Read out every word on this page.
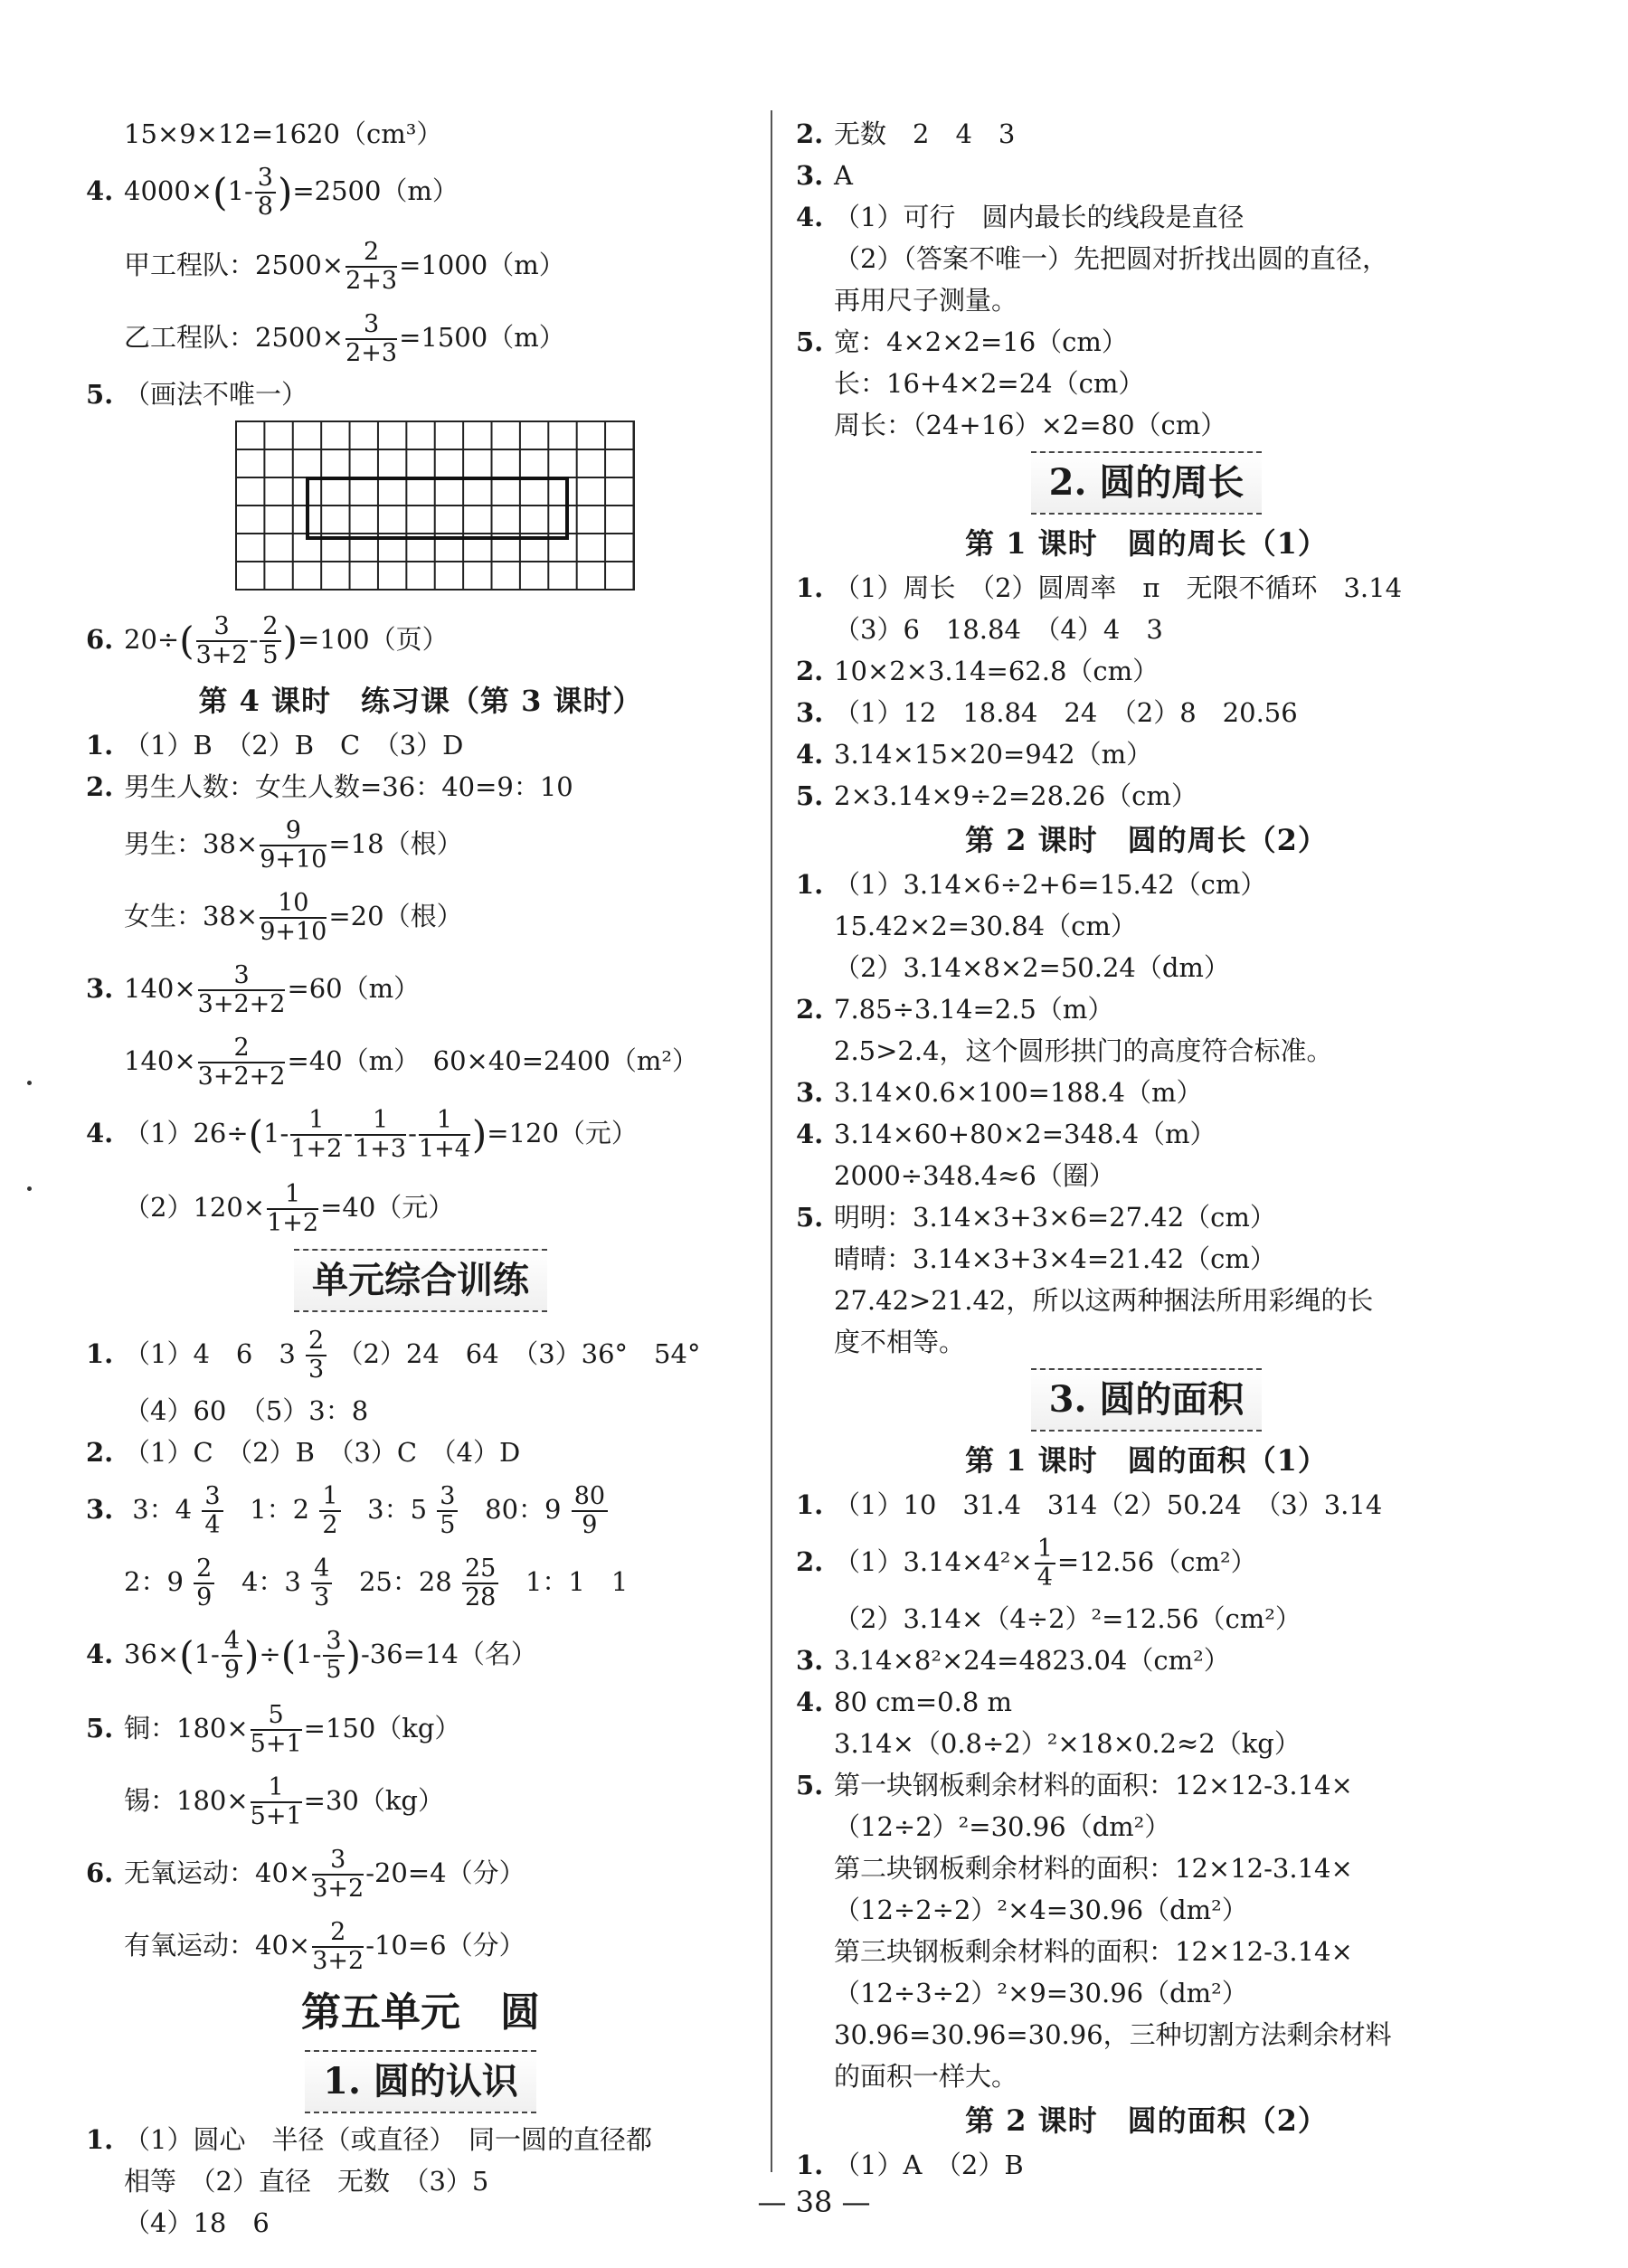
15×9×12=1620（cm³）
4. $4000\times(1- \frac{3}{8} )=2500(m)$
甲工程队：$2500\times \frac{2}{2+3} =1000(m)$
乙工程队：$2500\times \frac{3}{2+3} =1500(m)$
5. （画法不唯一）
6. $20\div( \frac{3}{3+2} - \frac{2}{5} )=100$（页）
第 4 课时　练习课（第 3 课时）
1. （1）B　（2）B　C　（3）D
2. 男生人数：女生人数=36：40=9：10
男生：$38\times \frac{9}{9+10} =18$（根）
女生：$38\times \frac{10}{9+10} =20$（根）
3. $140\times \frac{3}{3+2+2} =60(m)$
$140\times \frac{2}{3+2+2} =40(m)$　60×40=2400（m²）
4. $(1)26\div(1- \frac{1}{1+2} - \frac{1}{1+3} - \frac{1}{1+4} )=120$（元）
$(2)120\times \frac{1}{1+2} =40$（元）
单元综合训练
1. （1）4　6　$3 \frac{2}{3} (2)24$　64　（3）36°　54°
（4）60　（5）3：8
2. （1）C　（2）B　（3）C　（4）D
3. 3：$4 \frac{3}{4} 1$：$2 \frac{1}{2} 3$：$5 \frac{3}{5} 80$：$9 \frac{80}{9}$
2：$9 \frac{2}{9} 4$：$3 \frac{4}{3} 25$：$28 \frac{25}{28} 1$：1　1
4. $36\times(1- \frac{4}{9} )\div(1- \frac{3}{5} )-36=14$（名）
5. 铜：$180\times \frac{5}{5+1} =150(kg)$
锡：$180\times \frac{1}{5+1} =30(kg)$
6. 无氧运动：$40\times \frac{3}{3+2} -20=4$（分）
有氧运动：$40\times \frac{2}{3+2} -10=6$（分）
第五单元　圆
1. 圆的认识
1. （1）圆心　半径（或直径）　同一圆的直径都
相等　（2）直径　无数　（3）5
（4）18　6
2. 无数　2　4　3
3. A
4. （1）可行　圆内最长的线段是直径
（2）（答案不唯一）先把圆对折找出圆的直径，
再用尺子测量。
5. 宽：4×2×2=16（cm）
长：16+4×2=24（cm）
周长：（24+16）×2=80（cm）
2. 圆的周长
第 1 课时　圆的周长（1）
1. （1）周长　（2）圆周率　π　无限不循环　3.14
（3）6　18.84　（4）4　3
2. 10×2×3.14=62.8（cm）
3. （1）12　18.84　24　（2）8　20.56
4. 3.14×15×20=942（m）
5. 2×3.14×9÷2=28.26（cm）
第 2 课时　圆的周长（2）
1. （1）3.14×6÷2+6=15.42（cm）
15.42×2=30.84（cm）
（2）3.14×8×2=50.24（dm）
2. 7.85÷3.14=2.5（m）
2.5>2.4，这个圆形拱门的高度符合标准。
3. 3.14×0.6×100=188.4（m）
4. 3.14×60+80×2=348.4（m）
2000÷348.4≈6（圈）
5. 明明：3.14×3+3×6=27.42（cm）
晴晴：3.14×3+3×4=21.42（cm）
27.42>21.42，所以这两种捆法所用彩绳的长
度不相等。
3. 圆的面积
第 1 课时　圆的面积（1）
1. （1）10　31.4　314（2）50.24　（3）3.14
2. $(1)3.14\times 4^2\times \frac{1}{4} =12.56(cm^2)$
（2）3.14×（4÷2）²=12.56（cm²）
3. 3.14×8²×24=4823.04（cm²）
4. 80 cm=0.8 m
3.14×（0.8÷2）²×18×0.2≈2（kg）
5. 第一块钢板剩余材料的面积：12×12-3.14×
（12÷2）²=30.96（dm²）
第二块钢板剩余材料的面积：12×12-3.14×
（12÷2÷2）²×4=30.96（dm²）
第三块钢板剩余材料的面积：12×12-3.14×
（12÷3÷2）²×9=30.96（dm²）
30.96=30.96=30.96，三种切割方法剩余材料
的面积一样大。
第 2 课时　圆的面积（2）
1. （1）A　（2）B
— 38 —
